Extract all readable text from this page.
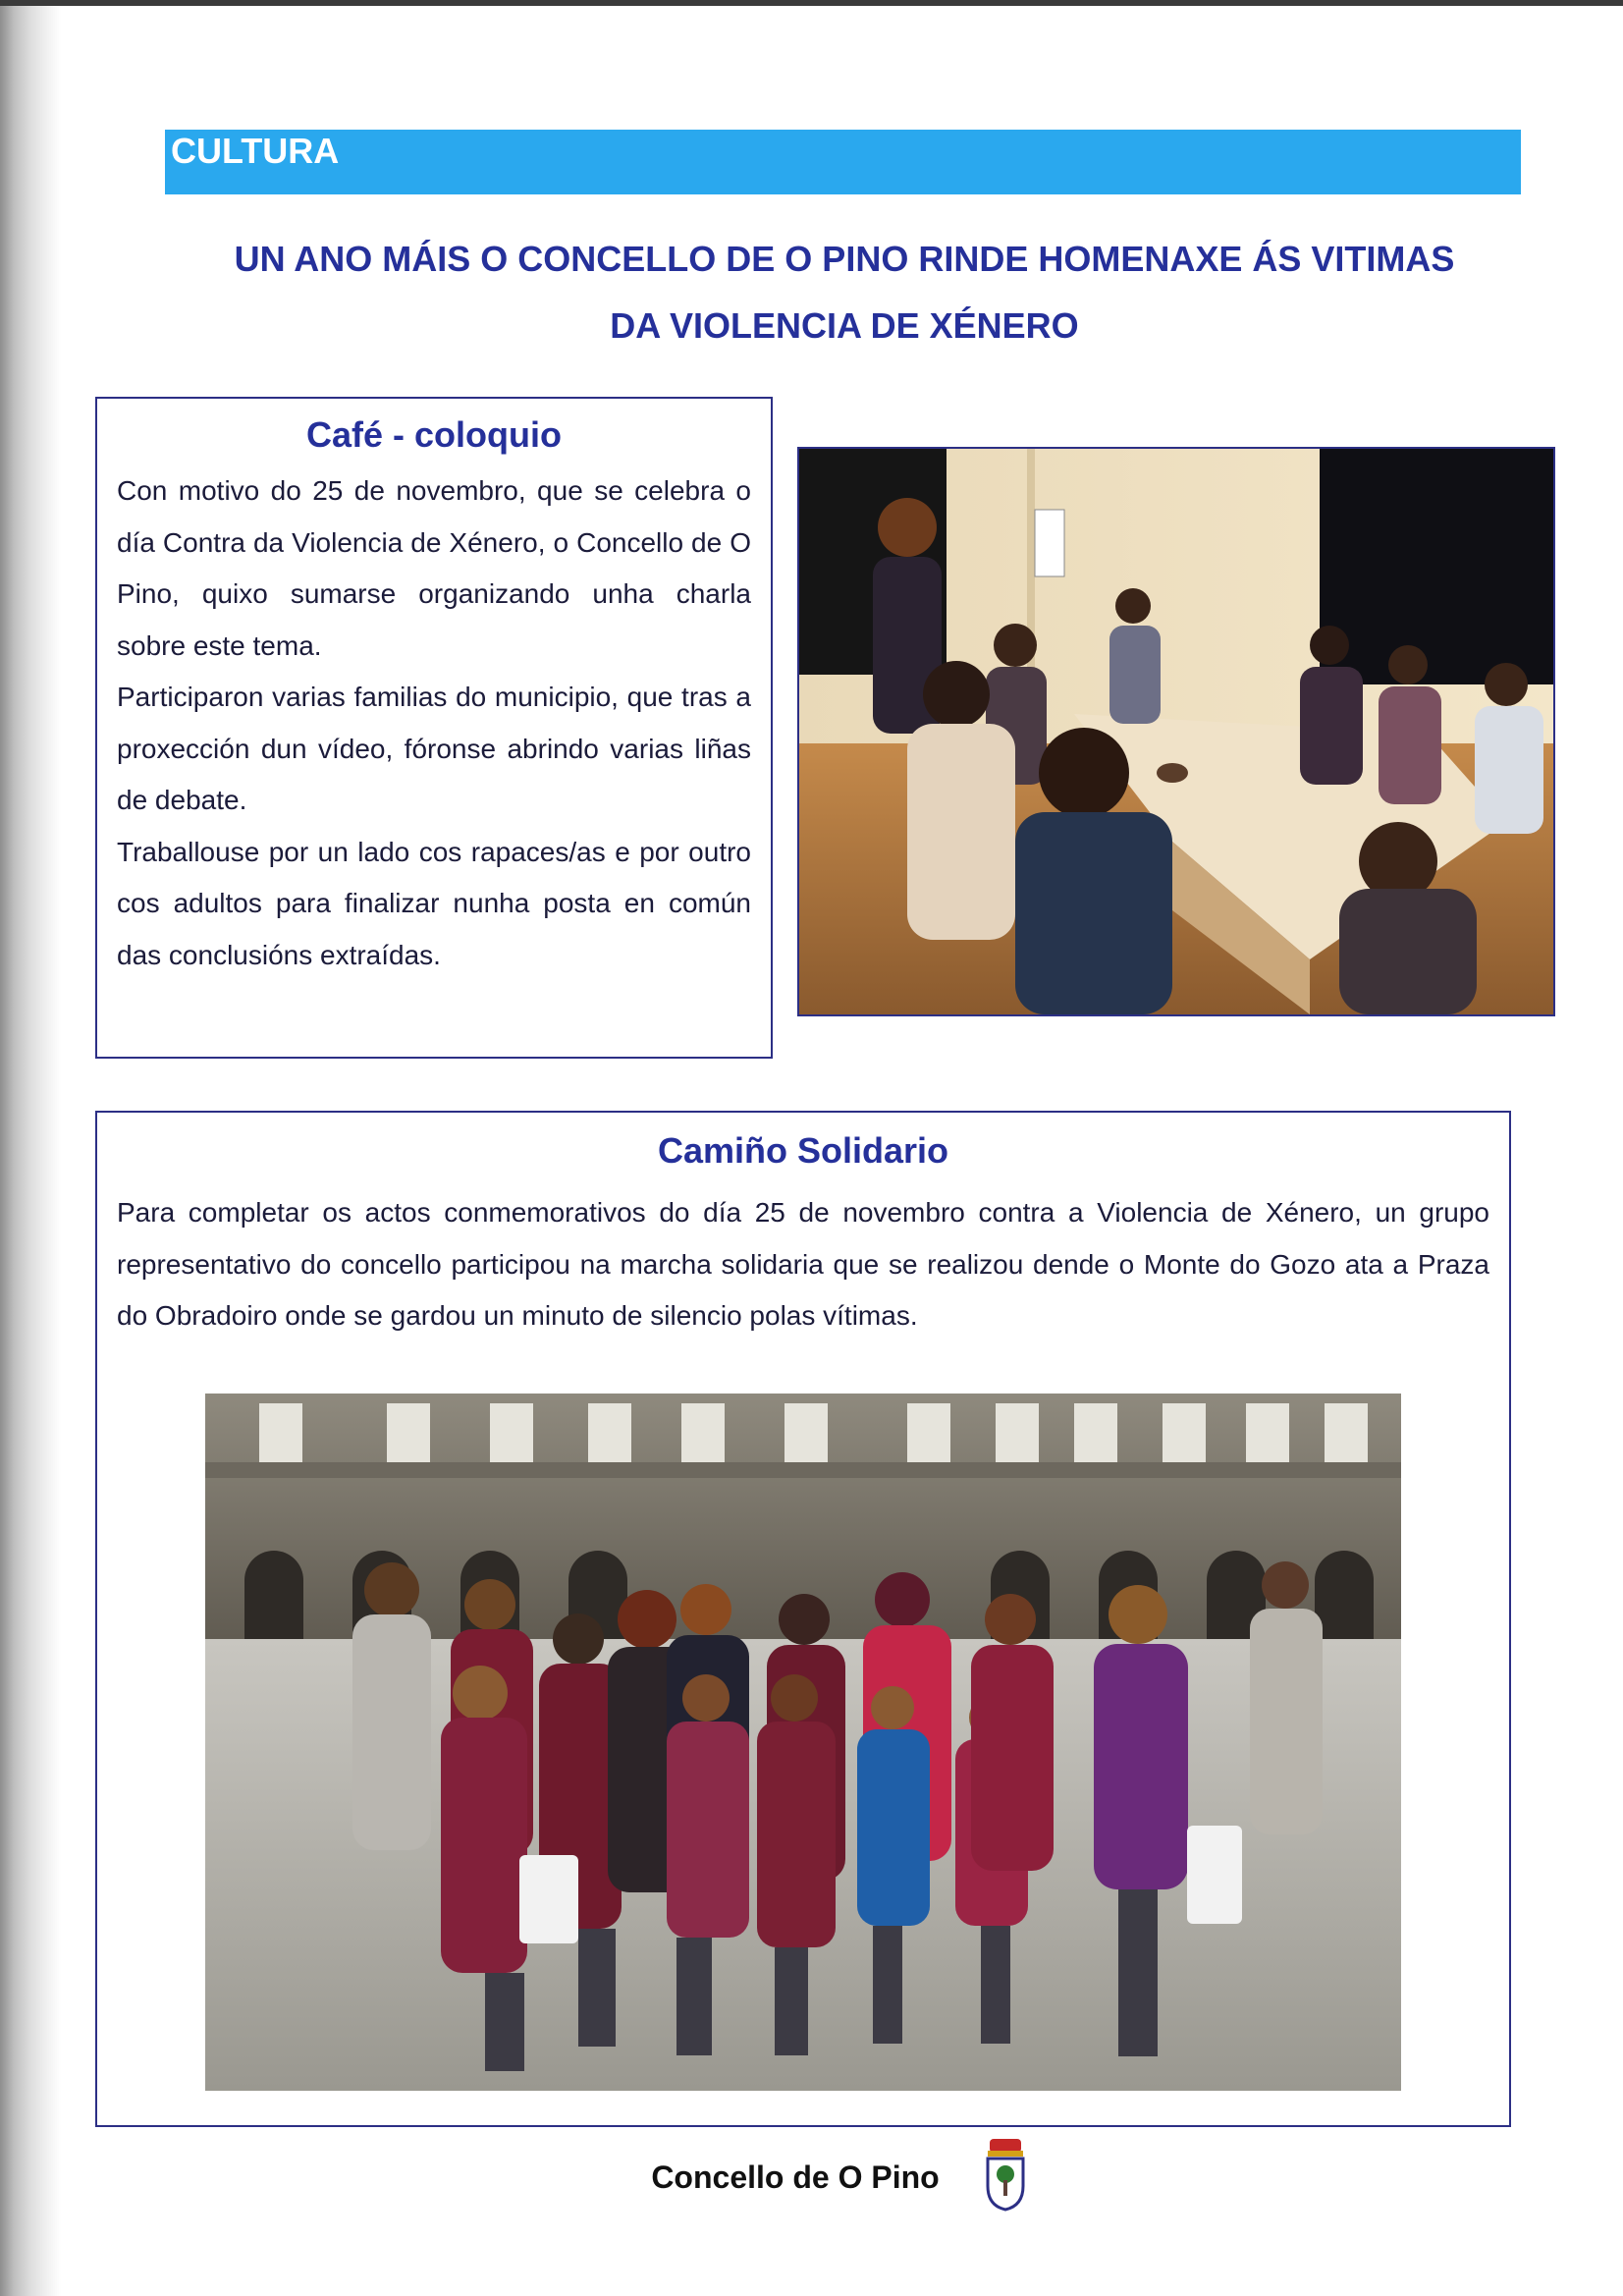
CULTURA
UN ANO MÁIS O CONCELLO DE O PINO RINDE HOMENAXE ÁS VITIMAS
DA VIOLENCIA DE XÉNERO
Café - coloquio

Con motivo do 25 de novembro, que se celebra o día Contra da Violencia de Xénero, o Concello de O Pino, quixo sumarse organizando unha charla sobre este tema.

Participaron varias familias do municipio, que tras a proxección dun vídeo, fóronse abrindo varias liñas de debate.

Traballouse por un lado cos rapaces/as e por outro cos adultos para finalizar nunha posta en común das conclusións extraídas.

Camiño Solidario
Para completar os actos conmemorativos do día 25 de novembro contra a Violencia de Xénero, un grupo representativo do concello participou na marcha solidaria que se realizou dende o Monte do Gozo ata a Praza do Obradoiro onde se gardou un minuto de silencio polas vítimas.
Concello de O Pino
